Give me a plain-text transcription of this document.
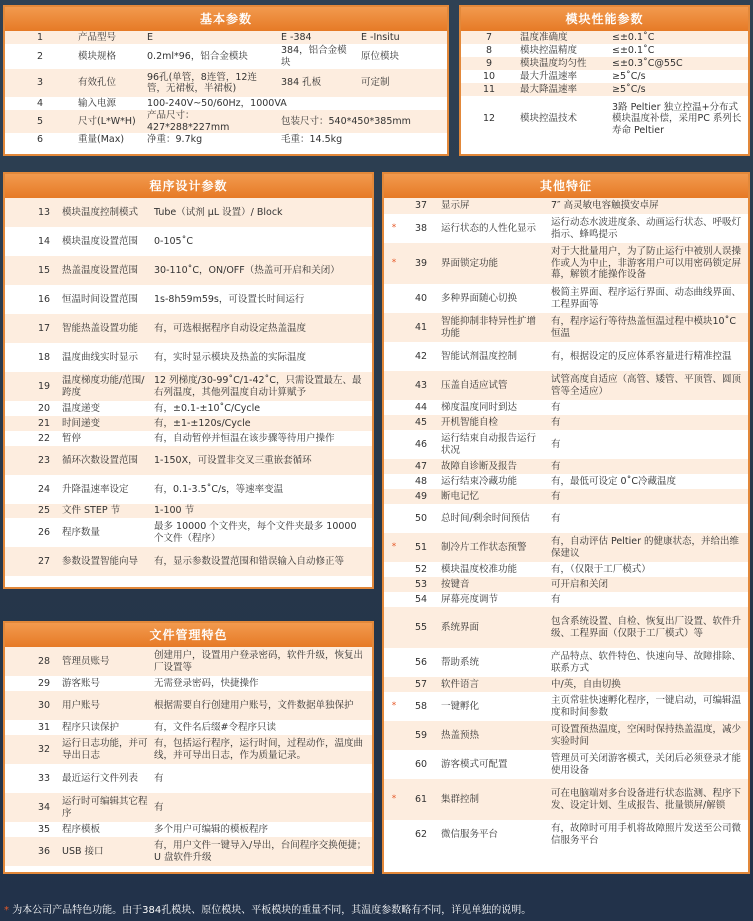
基本参数
1	产品型号	E	E -384	E -Insitu
2	模块规格	0.2ml*96，铝合金模块	384，铝合金模块	原位模块
3	有效孔位	96孔(单管，8连管，12连管，无裙板，半裙板)	384 孔板	可定制
4	输入电源	100-240V~50/60Hz，1000VA		
5	尺寸(L*W*H)	产品尺寸：427*288*227mm	包装尺寸：540*450*385mm	
6	重量(Max)	净重：9.7kg	毛重：14.5kg	
模块性能参数
7	温度准确度	≤±0.1˚C
8	模块控温精度	≤±0.1˚C
9	模块温度均匀性	≤±0.3˚C@55C
10	最大升温速率	≥5˚C/s
11	最大降温速率	≥5˚C/s
12	模块控温技术	3路 Peltier 独立控温+分布式模块温度补偿，采用PC 系列长寿命 Peltier
程序设计参数
	13	模块温度控制模式	Tube（试剂 µL 设置）/ Block
	14	模块温度设置范围	0-105˚C
	15	热盖温度设置范围	30-110˚C，ON/OFF（热盖可开启和关闭）
	16	恒温时间设置范围	1s-8h59m59s，可设置长时间运行
	17	智能热盖设置功能	有，可选根据程序自动设定热盖温度
	18	温度曲线实时显示	有，实时显示模块及热盖的实际温度
	19	温度梯度功能/范围/跨度	12 列梯度/30-99˚C/1-42˚C，只需设置最左、最右列温度，其他列温度自动计算赋予
	20	温度递变	有，±0.1-±10˚C/Cycle
	21	时间递变	有，±1-±120s/Cycle
	22	暂停	有，自动暂停并恒温在该步骤等待用户操作
	23	循环次数设置范围	1-150X，可设置非交叉三重嵌套循环
	24	升降温速率设定	有，0.1-3.5˚C/s，等速率变温
	25	文件 STEP 节	1-100 节
	26	程序数量	最多 10000 个文件夹，每个文件夹最多 10000 个文件（程序）
	27	参数设置智能向导	有，显示参数设置范围和错误输入自动修正等
文件管理特色
	28	管理员账号	创建用户，设置用户登录密码，软件升级，恢复出厂设置等
	29	游客账号	无需登录密码，快捷操作
	30	用户账号	根据需要自行创建用户账号，文件数据单独保护
	31	程序只读保护	有，文件名后缀#令程序只读
	32	运行日志功能，并可导出日志	有，包括运行程序，运行时间，过程动作，温度曲线，并可导出日志，作为质量记录。
	33	最近运行文件列表	有
	34	运行时可编辑其它程序	有
	35	程序模板	多个用户可编辑的模板程序
	36	USB 接口	有，用户文件一键导入/导出，台间程序交换便捷；U 盘软件升级
其他特征
	37	显示屏	7″ 高灵敏电容触摸安卓屏
*	38	运行状态的人性化显示	运行动态水波进度条、动画运行状态、呼吸灯指示、蜂鸣提示
*	39	界面锁定功能	对于大批量用户，为了防止运行中被别人误操作或人为中止，非游客用户可以用密码锁定屏幕，解锁才能操作设备
	40	多种界面随心切换	极简主界面、程序运行界面、动态曲线界面、工程界面等
	41	智能抑制非特异性扩增功能	有，程序运行等待热盖恒温过程中模块10˚C恒温
	42	智能试剂温度控制	有，根据设定的反应体系容量进行精准控温
	43	压盖自适应试管	试管高度自适应（高管、矮管、平顶管、圆顶管等全适应）
	44	梯度温度同时到达	有
	45	开机智能自检	有
	46	运行结束自动报告运行状况	有
	47	故障自诊断及报告	有
	48	运行结束冷藏功能	有，最低可设定 0˚C冷藏温度
	49	断电记忆	有
	50	总时间/剩余时间预估	有
*	51	制冷片工作状态预警	有，自动评估 Peltier 的健康状态，并给出维保建议
	52	模块温度校准功能	有，（仅限于工厂模式）
	53	按键音	可开启和关闭
	54	屏幕亮度调节	有
	55	系统界面	包含系统设置、自检、恢复出厂设置、软件升级、工程界面（仅限于工厂模式）等
	56	帮助系统	产品特点、软件特色、快速向导、故障排除、联系方式
	57	软件语言	中/英，自由切换
*	58	一键孵化	主页常驻快速孵化程序，一键启动，可编辑温度和时间参数
	59	热盖预热	可设置预热温度，空闲时保持热盖温度，减少实验时间
	60	游客模式可配置	管理员可关闭游客模式，关闭后必须登录才能使用设备
*	61	集群控制	可在电脑端对多台设备进行状态监测、程序下发、设定计划、生成报告、批量锁屏/解锁
	62	微信服务平台	有，故障时可用手机将故障照片发送至公司微信服务平台
* 为本公司产品特色功能。由于384孔模块、原位模块、平板模块的重量不同，其温度参数略有不同，详见单独的说明。
